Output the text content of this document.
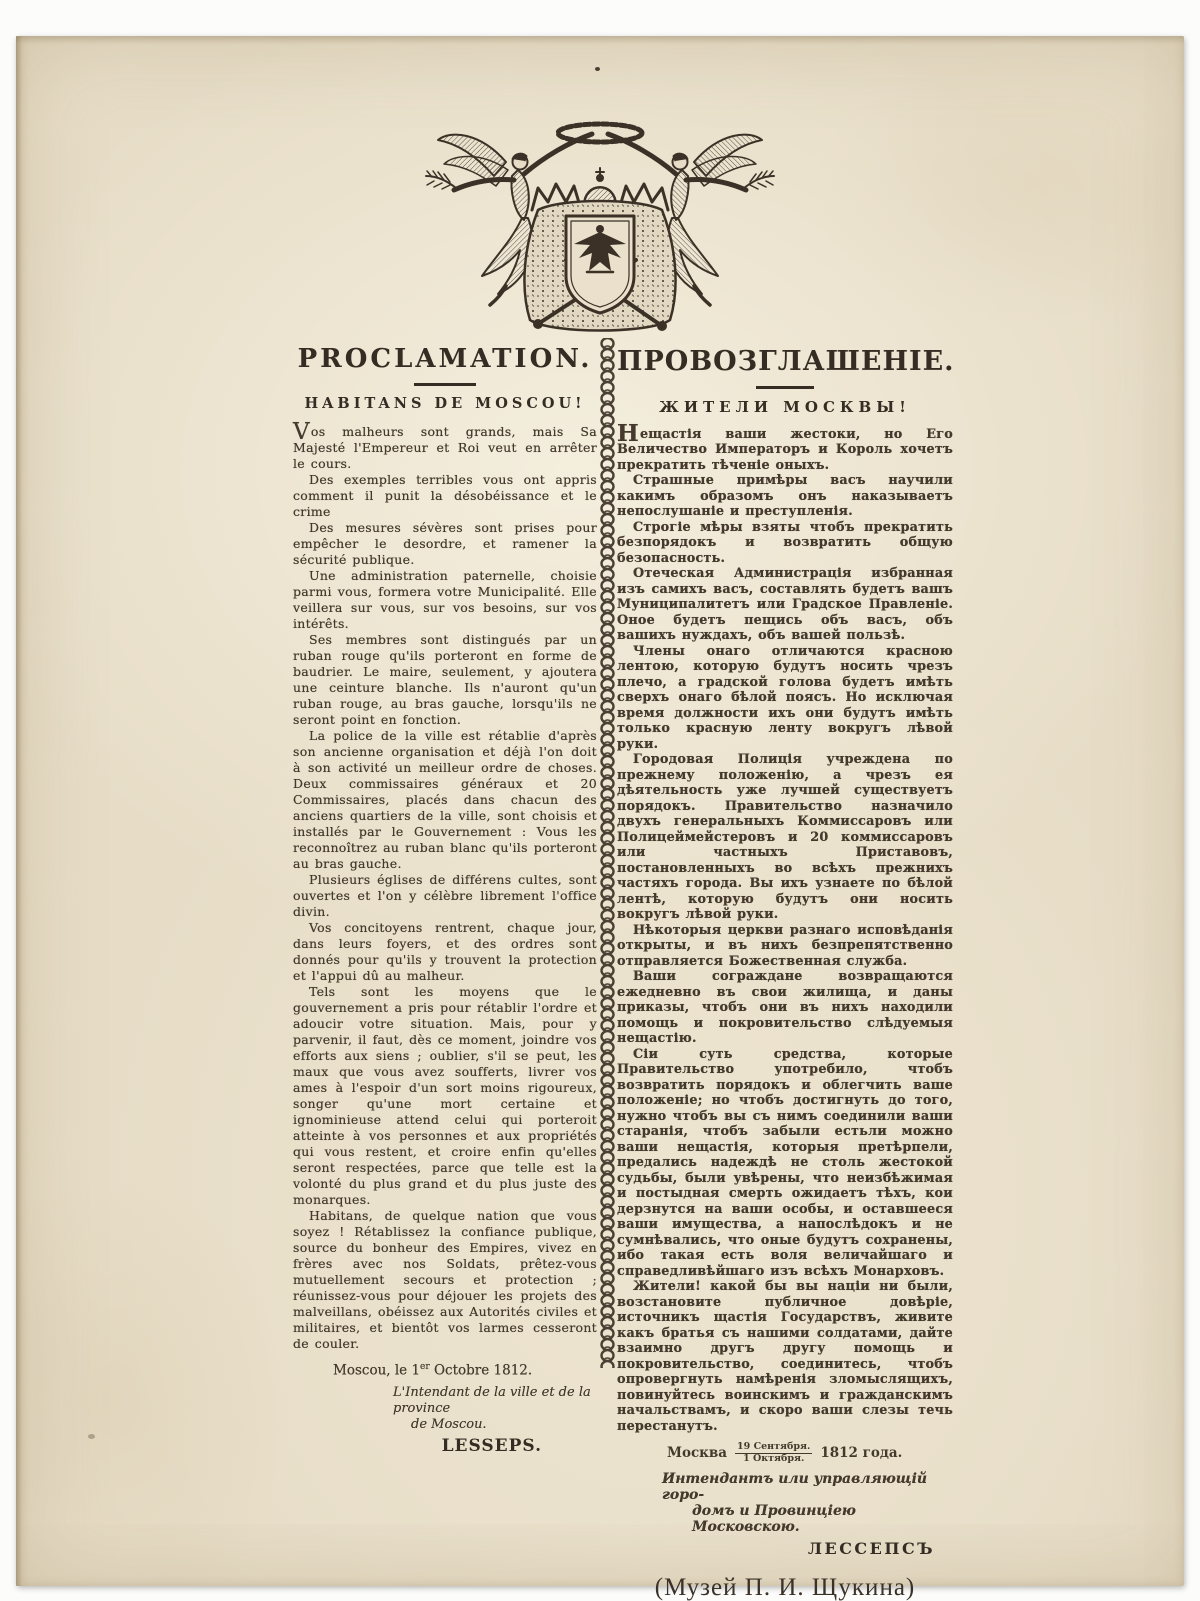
PROCLAMATION.
HABITANS DE MOSCOU!

Vos malheurs sont grands, mais Sa Majesté l'Empereur et Roi veut en arrêter le cours.

Des exemples terribles vous ont appris comment il punit la désobéissance et le crime

Des mesures sévères sont prises pour empêcher le desordre, et ramener la sécurité publique.

Une administration paternelle, choisie parmi vous, formera votre Municipalité. Elle veillera sur vous, sur vos besoins, sur vos intérêts.

Ses membres sont distingués par un ruban rouge qu'ils porteront en forme de baudrier. Le maire, seulement, y ajoutera une ceinture blanche. Ils n'auront qu'un ruban rouge, au bras gauche, lorsqu'ils ne seront point en fonction.

La police de la ville est rétablie d'après son ancienne organisation et déjà l'on doit à son activité un meilleur ordre de choses. Deux commissaires généraux et 20 Commissaires, placés dans chacun des anciens quartiers de la ville, sont choisis et installés par le Gouvernement : Vous les reconnoîtrez au ruban blanc qu'ils porteront au bras gauche.

Plusieurs églises de différens cultes, sont ouvertes et l'on y célèbre librement l'office divin.

Vos concitoyens rentrent, chaque jour, dans leurs foyers, et des ordres sont donnés pour qu'ils y trouvent la protection et l'appui dû au malheur.

Tels sont les moyens que le gouvernement a pris pour rétablir l'ordre et adoucir votre situation. Mais, pour y parvenir, il faut, dès ce moment, joindre vos efforts aux siens ; oublier, s'il se peut, les maux que vous avez soufferts, livrer vos ames à l'espoir d'un sort moins rigoureux, songer qu'une mort certaine et ignominieuse attend celui qui porteroit atteinte à vos personnes et aux propriétés qui vous restent, et croire enfin qu'elles seront respectées, parce que telle est la volonté du plus grand et du plus juste des monarques.

Habitans, de quelque nation que vous soyez ! Rétablissez la confiance publique, source du bonheur des Empires, vivez en frères avec nos Soldats, prêtez-vous mutuellement secours et protection ; réunissez-vous pour déjouer les projets des malveillans, obéissez aux Autorités civiles et militaires, et bientôt vos larmes cesseront de couler.

Moscou, le 1er Octobre 1812.

L'Intendant de la ville et de la province

de Moscou.

LESSEPS.
ПРОВОЗГЛАШЕНІЕ.
ЖИТЕЛИ МОСКВЫ!

Нещастія ваши жестоки, но Его Величество Императоръ и Король хочетъ прекратить тѣченіе оныхъ.

Страшные примѣры васъ научили какимъ образомъ онъ наказываетъ непослушаніе и преступленія.

Строгіе мѣры взяты чтобъ прекратить безпорядокъ и возвратить общую безопасность.

Отеческая Администрація избранная изъ самихъ васъ, составлять будетъ вашъ Муниципалитетъ или Градское Правленіе. Оное будетъ пещись объ васъ, объ вашихъ нуждахъ, объ вашей пользѣ.

Члены онаго отличаются красною лентою, которую будутъ носить чрезъ плечо, а градской голова будетъ имѣть сверхъ онаго бѣлой поясъ. Но исключая время должности ихъ они будутъ имѣть только красную ленту вокругъ лѣвой руки.

Городовая Полиція учреждена по прежнему положенію, а чрезъ ея дѣятельность уже лучшей существуетъ порядокъ. Правительство назначило двухъ генеральныхъ Коммиссаровъ или Полицеймейстеровъ и 20 коммиссаровъ или частныхъ Приставовъ, постановленныхъ во всѣхъ прежнихъ частяхъ города. Вы ихъ узнаете по бѣлой лентѣ, которую будутъ они носить вокругъ лѣвой руки.

Нѣкоторыя церкви разнаго исповѣданія открыты, и въ нихъ безпрепятственно отправляется Божественная служба.

Ваши сограждане возвращаются ежедневно въ свои жилища, и даны приказы, чтобъ они въ нихъ находили помощь и покровительство слѣдуемыя нещастію.

Сіи суть средства, которые Правительство употребило, чтобъ возвратить порядокъ и облегчить ваше положеніе; но чтобъ достигнуть до того, нужно чтобъ вы съ нимъ соединили ваши старанія, чтобъ забыли естьли можно ваши нещастія, которыя претѣрпели, предались надеждѣ не столь жестокой судьбы, были увѣрены, что неизбѣжимая и постыдная смерть ожидаетъ тѣхъ, кои дерзнутся на ваши особы, и оставшееся ваши имущества, а напослѣдокъ и не сумнѣвались, что оные будутъ сохранены, ибо такая есть воля величайшаго и справедливѣйшаго изъ всѣхъ Монарховъ.

Жители! какой бы вы націи ни были, возстановите публичное довѣріе, источникъ щастія Государствъ, живите какъ братья съ нашими солдатами, дайте взаимно другъ другу помощь и покровительство, соединитесь, чтобъ опровергнуть намѣренія зломыслящихъ, повинуйтесь воинскимъ и гражданскимъ начальствамъ, и скоро ваши слезы течь перестанутъ.

Москва $\frac{\text{19 Сентября.}}{\text{1 Октября.}} 1812$ года.

Интендантъ или управляющій горо-

домъ и Провинціею Московскою.

ЛЕССЕПСЪ
(Музей П. И. Щукина)
